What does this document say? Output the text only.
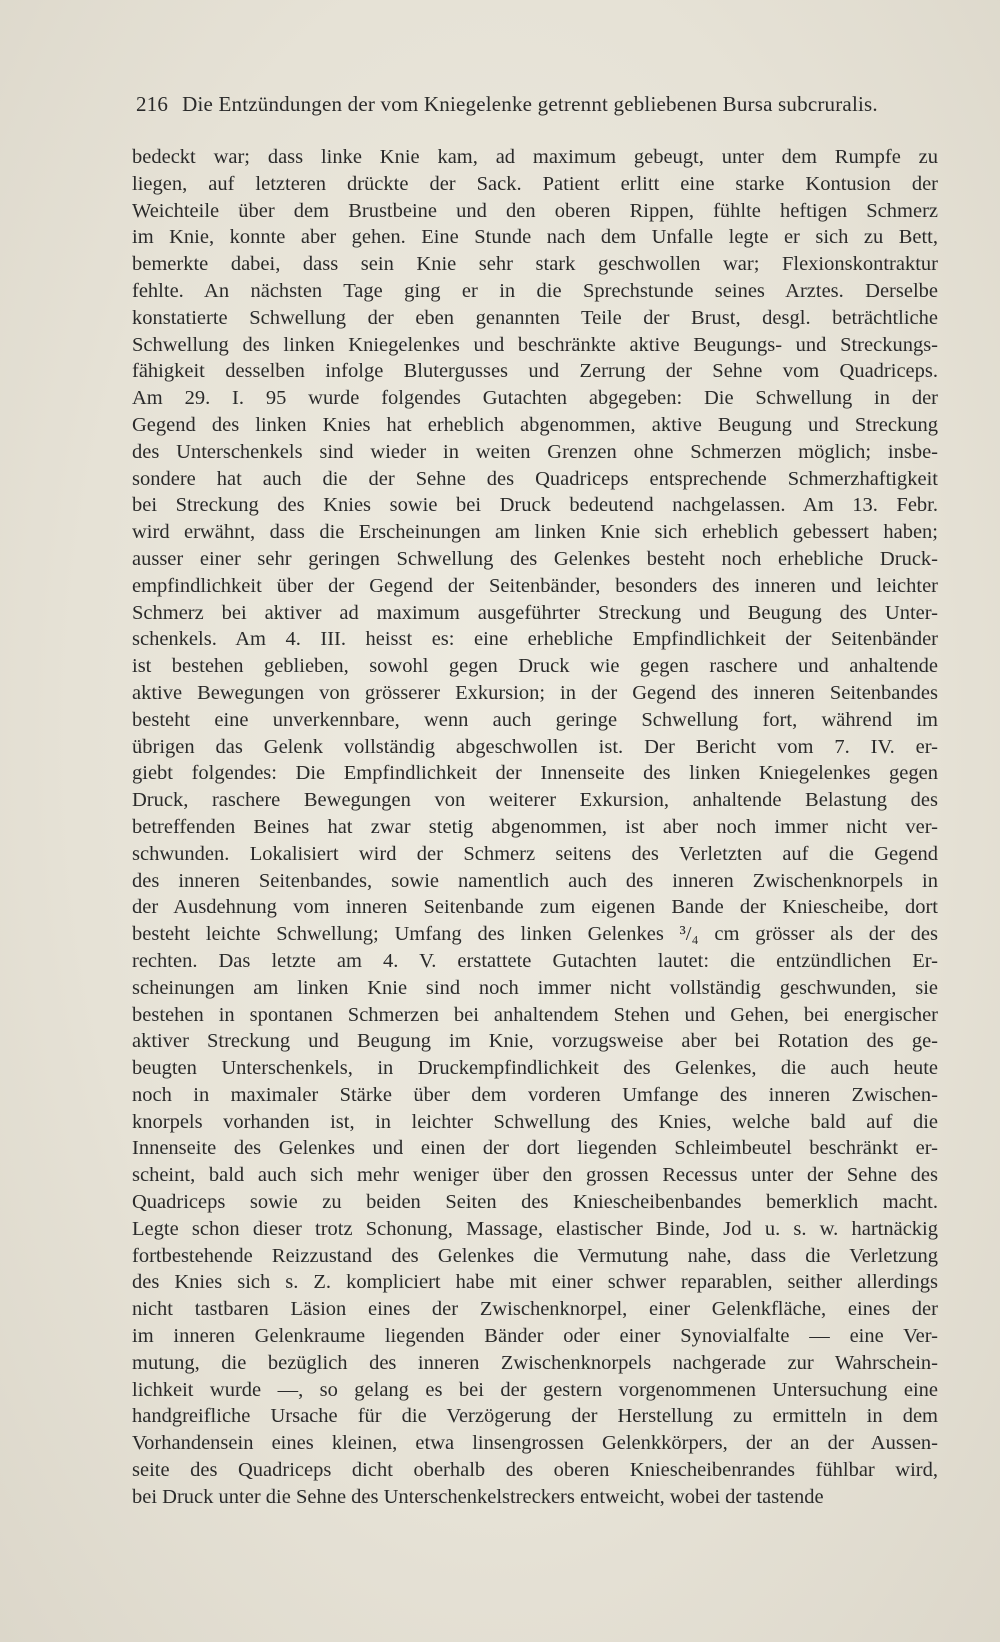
216 Die Entzündungen der vom Kniegelenke getrennt gebliebenen Bursa subcruralis.
bedeckt war; dass linke Knie kam, ad maximum gebeugt, unter dem Rumpfe zu
liegen, auf letzteren drückte der Sack. Patient erlitt eine starke Kontusion der
Weichteile über dem Brustbeine und den oberen Rippen, fühlte heftigen Schmerz
im Knie, konnte aber gehen. Eine Stunde nach dem Unfalle legte er sich zu Bett,
bemerkte dabei, dass sein Knie sehr stark geschwollen war; Flexionskontraktur
fehlte. An nächsten Tage ging er in die Sprechstunde seines Arztes. Derselbe
konstatierte Schwellung der eben genannten Teile der Brust, desgl. beträchtliche
Schwellung des linken Kniegelenkes und beschränkte aktive Beugungs- und Streckungs-
fähigkeit desselben infolge Blutergusses und Zerrung der Sehne vom Quadriceps.
Am 29. I. 95 wurde folgendes Gutachten abgegeben: Die Schwellung in der
Gegend des linken Knies hat erheblich abgenommen, aktive Beugung und Streckung
des Unterschenkels sind wieder in weiten Grenzen ohne Schmerzen möglich; insbe-
sondere hat auch die der Sehne des Quadriceps entsprechende Schmerzhaftigkeit
bei Streckung des Knies sowie bei Druck bedeutend nachgelassen. Am 13. Febr.
wird erwähnt, dass die Erscheinungen am linken Knie sich erheblich gebessert haben;
ausser einer sehr geringen Schwellung des Gelenkes besteht noch erhebliche Druck-
empfindlichkeit über der Gegend der Seitenbänder, besonders des inneren und leichter
Schmerz bei aktiver ad maximum ausgeführter Streckung und Beugung des Unter-
schenkels. Am 4. III. heisst es: eine erhebliche Empfindlichkeit der Seitenbänder
ist bestehen geblieben, sowohl gegen Druck wie gegen raschere und anhaltende
aktive Bewegungen von grösserer Exkursion; in der Gegend des inneren Seitenbandes
besteht eine unverkennbare, wenn auch geringe Schwellung fort, während im
übrigen das Gelenk vollständig abgeschwollen ist. Der Bericht vom 7. IV. er-
giebt folgendes: Die Empfindlichkeit der Innenseite des linken Kniegelenkes gegen
Druck, raschere Bewegungen von weiterer Exkursion, anhaltende Belastung des
betreffenden Beines hat zwar stetig abgenommen, ist aber noch immer nicht ver-
schwunden. Lokalisiert wird der Schmerz seitens des Verletzten auf die Gegend
des inneren Seitenbandes, sowie namentlich auch des inneren Zwischenknorpels in
der Ausdehnung vom inneren Seitenbande zum eigenen Bande der Kniescheibe, dort
besteht leichte Schwellung; Umfang des linken Gelenkes ³/₄ cm grösser als der des
rechten. Das letzte am 4. V. erstattete Gutachten lautet: die entzündlichen Er-
scheinungen am linken Knie sind noch immer nicht vollständig geschwunden, sie
bestehen in spontanen Schmerzen bei anhaltendem Stehen und Gehen, bei energischer
aktiver Streckung und Beugung im Knie, vorzugsweise aber bei Rotation des ge-
beugten Unterschenkels, in Druckempfindlichkeit des Gelenkes, die auch heute
noch in maximaler Stärke über dem vorderen Umfange des inneren Zwischen-
knorpels vorhanden ist, in leichter Schwellung des Knies, welche bald auf die
Innenseite des Gelenkes und einen der dort liegenden Schleimbeutel beschränkt er-
scheint, bald auch sich mehr weniger über den grossen Recessus unter der Sehne des
Quadriceps sowie zu beiden Seiten des Kniescheibenbandes bemerklich macht.
Legte schon dieser trotz Schonung, Massage, elastischer Binde, Jod u. s. w. hartnäckig
fortbestehende Reizzustand des Gelenkes die Vermutung nahe, dass die Verletzung
des Knies sich s. Z. kompliciert habe mit einer schwer reparablen, seither allerdings
nicht tastbaren Läsion eines der Zwischenknorpel, einer Gelenkfläche, eines der
im inneren Gelenkraume liegenden Bänder oder einer Synovialfalte — eine Ver-
mutung, die bezüglich des inneren Zwischenknorpels nachgerade zur Wahrschein-
lichkeit wurde —, so gelang es bei der gestern vorgenommenen Untersuchung eine
handgreifliche Ursache für die Verzögerung der Herstellung zu ermitteln in dem
Vorhandensein eines kleinen, etwa linsengrossen Gelenkkörpers, der an der Aussen-
seite des Quadriceps dicht oberhalb des oberen Kniescheibenrandes fühlbar wird,
bei Druck unter die Sehne des Unterschenkelstreckers entweicht, wobei der tastende
